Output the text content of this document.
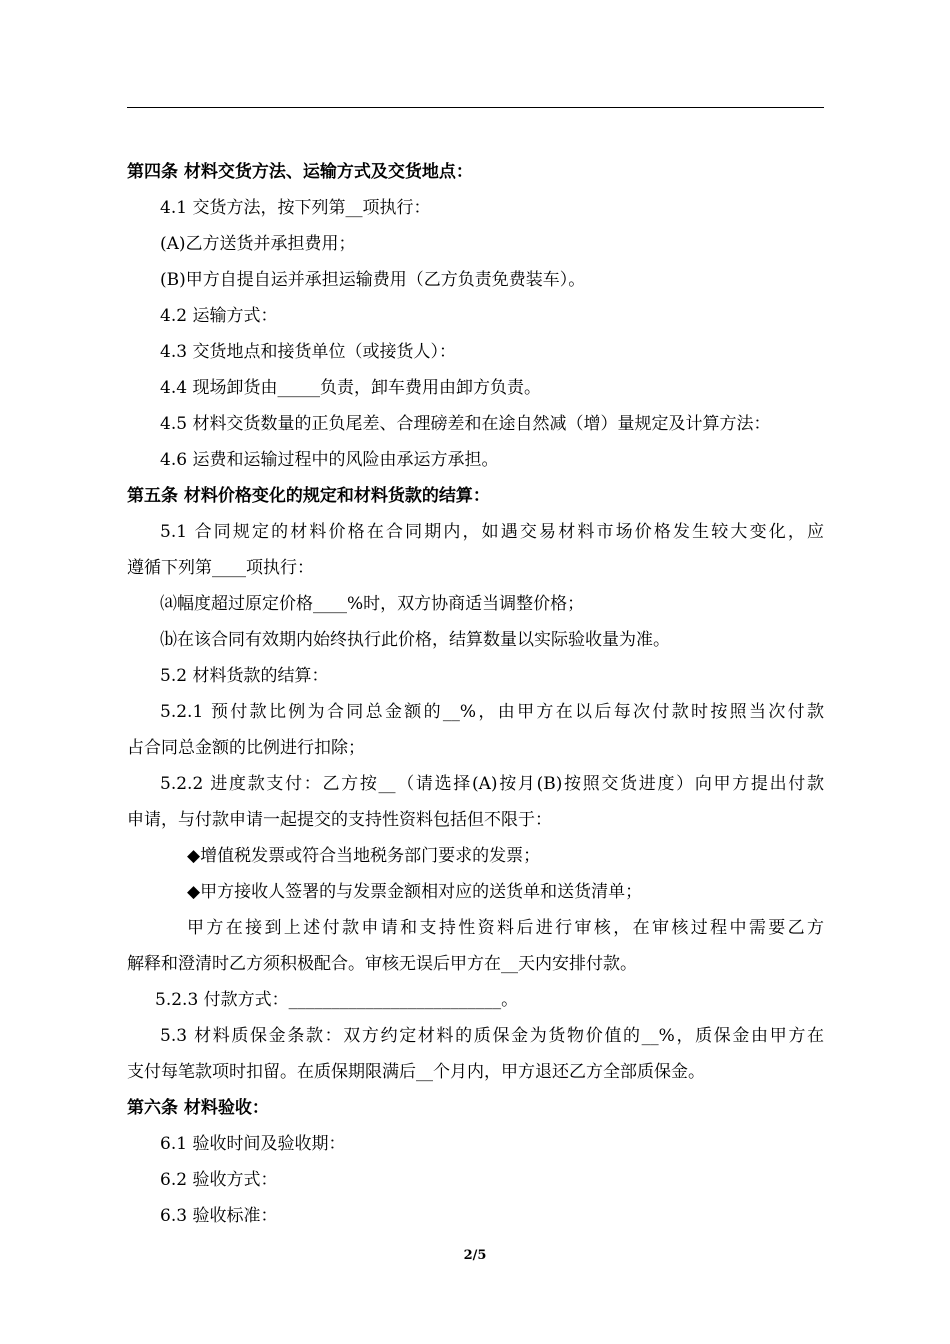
第四条 材料交货方法、运输方式及交货地点：
4.1 交货方法，按下列第__项执行：
(A)乙方送货并承担费用；
(B)甲方自提自运并承担运输费用（乙方负责免费装车）。
4.2 运输方式：
4.3 交货地点和接货单位（或接货人）：
4.4 现场卸货由_____负责，卸车费用由卸方负责。
4.5 材料交货数量的正负尾差、合理磅差和在途自然减（增）量规定及计算方法：
4.6 运费和运输过程中的风险由承运方承担。
第五条 材料价格变化的规定和材料货款的结算：
5.1 合同规定的材料价格在合同期内，如遇交易材料市场价格发生较大变化，应
遵循下列第____项执行：
⒜幅度超过原定价格____%时，双方协商适当调整价格；
⒝在该合同有效期内始终执行此价格，结算数量以实际验收量为准。
5.2 材料货款的结算：
5.2.1 预付款比例为合同总金额的__%，由甲方在以后每次付款时按照当次付款
占合同总金额的比例进行扣除；
5.2.2 进度款支付：乙方按__（请选择(A)按月(B)按照交货进度）向甲方提出付款
申请，与付款申请一起提交的支持性资料包括但不限于：
◆增值税发票或符合当地税务部门要求的发票；
◆甲方接收人签署的与发票金额相对应的送货单和送货清单；
甲方在接到上述付款申请和支持性资料后进行审核，在审核过程中需要乙方
解释和澄清时乙方须积极配合。审核无误后甲方在__天内安排付款。
5.2.3 付款方式：_________________________。
5.3 材料质保金条款：双方约定材料的质保金为货物价值的__%，质保金由甲方在
支付每笔款项时扣留。在质保期限满后__个月内，甲方退还乙方全部质保金。
第六条 材料验收：
6.1 验收时间及验收期：
6.2 验收方式：
6.3 验收标准：
2/5
